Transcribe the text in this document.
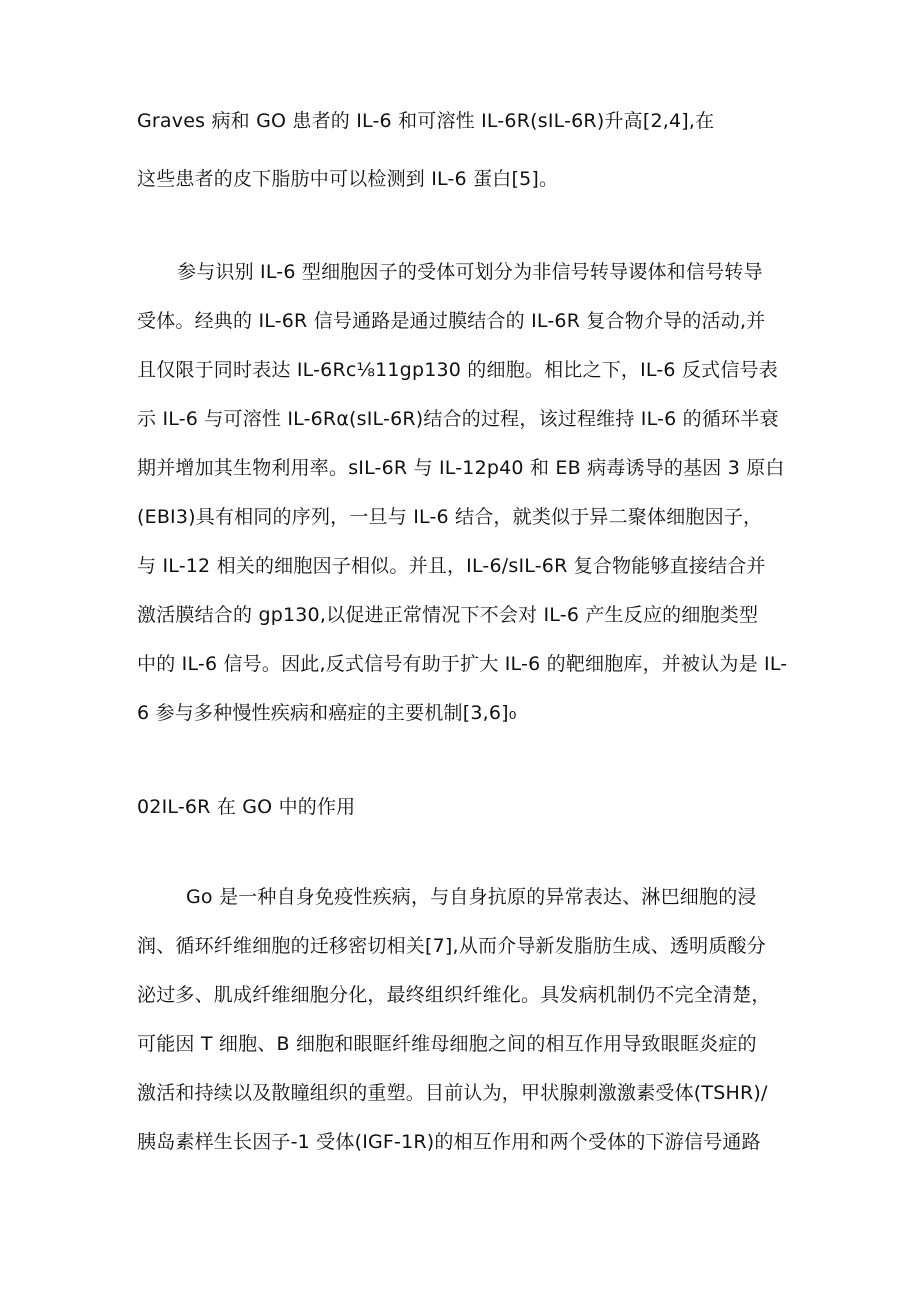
Graves 病和 GO 患者的 IL-6 和可溶性 IL-6R(sIL-6R)升高[2,4],在
这些患者的皮下脂肪中可以检测到 IL-6 蛋白[5]。
参与识别 IL-6 型细胞因子的受体可划分为非信号转导谡体和信号转导
受体。经典的 IL-6R 信号通路是通过膜结合的 IL-6R 复合物介导的活动,并
且仅限于同时表达 IL-6Rc⅛11gp130 的细胞。相比之下，IL-6 反式信号表
示 IL-6 与可溶性 IL-6Rα(sIL-6R)结合的过程，该过程维持 IL-6 的循环半衰
期并增加其生物利用率。sIL-6R 与 IL-12p40 和 EB 病毒诱导的基因 3 原白
(EBI3)具有相同的序列，一旦与 IL-6 结合，就类似于异二聚体细胞因子，
与 IL-12 相关的细胞因子相似。并且，IL-6∕sIL-6R 复合物能够直接结合并
激活膜结合的 gp130,以促进正常情况下不会对 IL-6 产生反应的细胞类型
中的 IL-6 信号。因此,反式信号有助于扩大 IL-6 的靶细胞库，并被认为是 IL-
6 参与多种慢性疾病和癌症的主要机制[3,6]₀
02IL-6R 在 GO 中的作用
Go 是一种自身免疫性疾病，与自身抗原的异常表达、淋巴细胞的浸
润、循环纤维细胞的迁移密切相关[7],从而介导新发脂肪生成、透明质酸分
泌过多、肌成纤维细胞分化，最终组织纤维化。具发病机制仍不完全清楚，
可能因 T 细胞、B 细胞和眼眶纤维母细胞之间的相互作用导致眼眶炎症的
激活和持续以及散瞳组织的重塑。目前认为，甲状腺刺激激素受体(TSHR)/
胰岛素样生长因子-1 受体(IGF-1R)的相互作用和两个受体的下游信号通路
